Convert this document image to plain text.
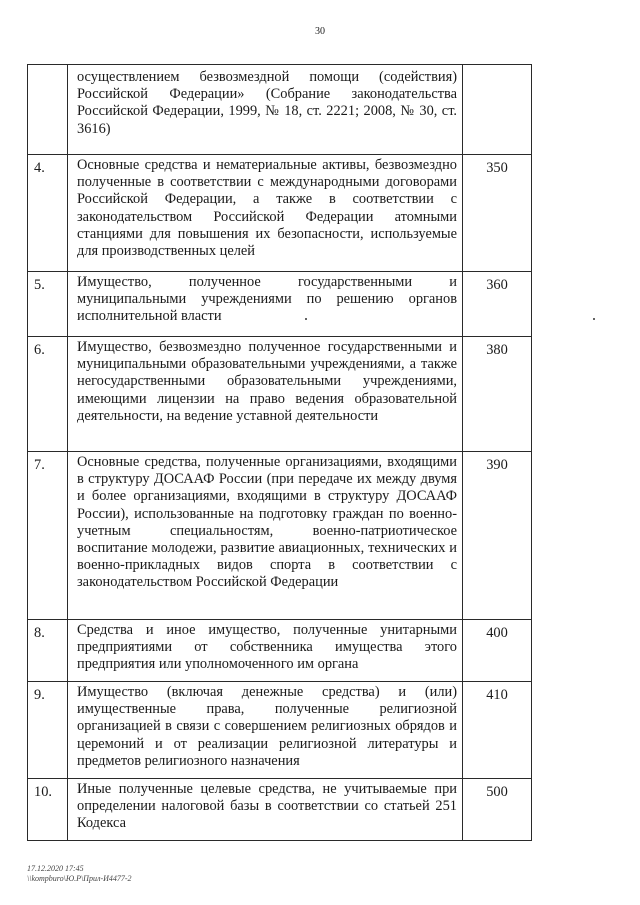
30
	осуществлением безвозмездной помощи (содействия) Российской Федерации» (Собрание законодательства Российской Федерации, 1999, № 18, ст. 2221; 2008, № 30, ст. 3616)	
4.	Основные средства и нематериальные активы, безвозмездно полученные в соответствии с международными договорами Российской Федерации, а также в соответствии с законодательством Российской Федерации атомными станциями для повышения их безопасности, используемые для производственных целей	350
5.	Имущество, полученное государственными и муниципальными учреждениями по решению органов исполнительной власти	360
6.	Имущество, безвозмездно полученное государственными и муниципальными образовательными учреждениями, а также негосударственными образовательными учреждениями, имеющими лицензии на право ведения образовательной деятельности, на ведение уставной деятельности	380
7.	Основные средства, полученные организациями, входящими в структуру ДОСААФ России (при передаче их между двумя и более организациями, входящими в структуру ДОСААФ России), использованные на подготовку граждан по военно-учетным специальностям, военно-патриотическое воспитание молодежи, развитие авиационных, технических и военно-прикладных видов спорта в соответствии с законодательством Российской Федерации	390
8.	Средства и иное имущество, полученные унитарными предприятиями от собственника имущества этого предприятия или уполномоченного им органа	400
9.	Имущество (включая денежные средства) и (или) имущественные права, полученные религиозной организацией в связи с совершением религиозных обрядов и церемоний и от реализации религиозной литературы и предметов религиозного назначения	410
10.	Иные полученные целевые средства, не учитываемые при определении налоговой базы в соответствии со статьей 251 Кодекса	500
17.12.2020 17:45
\\kompburo\Ю.Р\Прил-И4477-2
